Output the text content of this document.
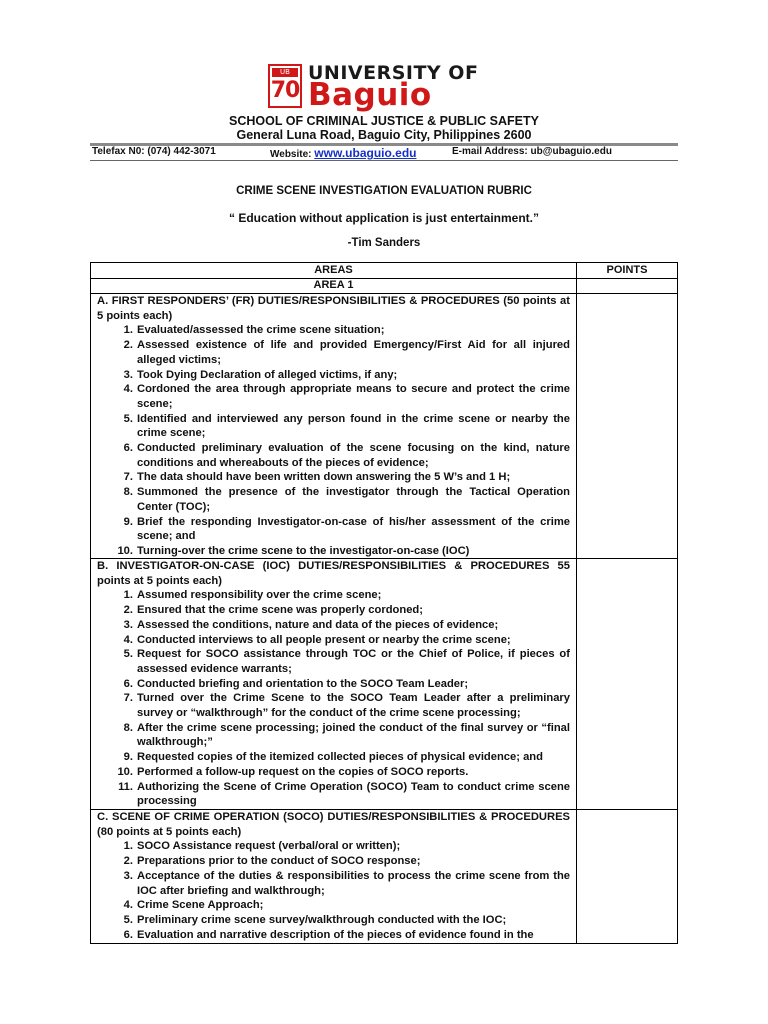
UB
70
UNIVERSITY OF
Baguio
SCHOOL OF CRIMINAL JUSTICE & PUBLIC SAFETY
General Luna Road, Baguio City, Philippines 2600
Telefax N0: (074) 442-3071	Website: www.ubaguio.edu	E-mail Address: ub@ubaguio.edu
CRIME SCENE INVESTIGATION EVALUATION RUBRIC
“ Education without application is just entertainment.”
-Tim Sanders
AREAS	POINTS
AREA 1
A. FIRST RESPONDERS’ (FR) DUTIES/RESPONSIBILITIES & PROCEDURES (50 points at 5 points each)
1. Evaluated/assessed the crime scene situation;
2. Assessed existence of life and provided Emergency/First Aid for all injured alleged victims;
3. Took Dying Declaration of alleged victims, if any;
4. Cordoned the area through appropriate means to secure and protect the crime scene;
5. Identified and interviewed any person found in the crime scene or nearby the crime scene;
6. Conducted preliminary evaluation of the scene focusing on the kind, nature conditions and whereabouts of the pieces of evidence;
7. The data should have been written down answering the 5 W’s and 1 H;
8. Summoned the presence of the investigator through the Tactical Operation Center (TOC);
9. Brief the responding Investigator-on-case of his/her assessment of the crime scene; and
10. Turning-over the crime scene to the investigator-on-case (IOC)
B. INVESTIGATOR-ON-CASE (IOC) DUTIES/RESPONSIBILITIES & PROCEDURES 55 points at 5 points each)
1. Assumed responsibility over the crime scene;
2. Ensured that the crime scene was properly cordoned;
3. Assessed the conditions, nature and data of the pieces of evidence;
4. Conducted interviews to all people present or nearby the crime scene;
5. Request for SOCO assistance through TOC or the Chief of Police, if pieces of assessed evidence warrants;
6. Conducted briefing and orientation to the SOCO Team Leader;
7. Turned over the Crime Scene to the SOCO Team Leader after a preliminary survey or “walkthrough” for the conduct of the crime scene processing;
8. After the crime scene processing; joined the conduct of the final survey or “final walkthrough;”
9. Requested copies of the itemized collected pieces of physical evidence; and
10. Performed a follow-up request on the copies of SOCO reports.
11. Authorizing the Scene of Crime Operation (SOCO) Team to conduct crime scene processing
C. SCENE OF CRIME OPERATION (SOCO) DUTIES/RESPONSIBILITIES & PROCEDURES (80 points at 5 points each)
1. SOCO Assistance request (verbal/oral or written);
2. Preparations prior to the conduct of SOCO response;
3. Acceptance of the duties & responsibilities to process the crime scene from the IOC after briefing and walkthrough;
4. Crime Scene Approach;
5. Preliminary crime scene survey/walkthrough conducted with the IOC;
6. Evaluation and narrative description of the pieces of evidence found in the
